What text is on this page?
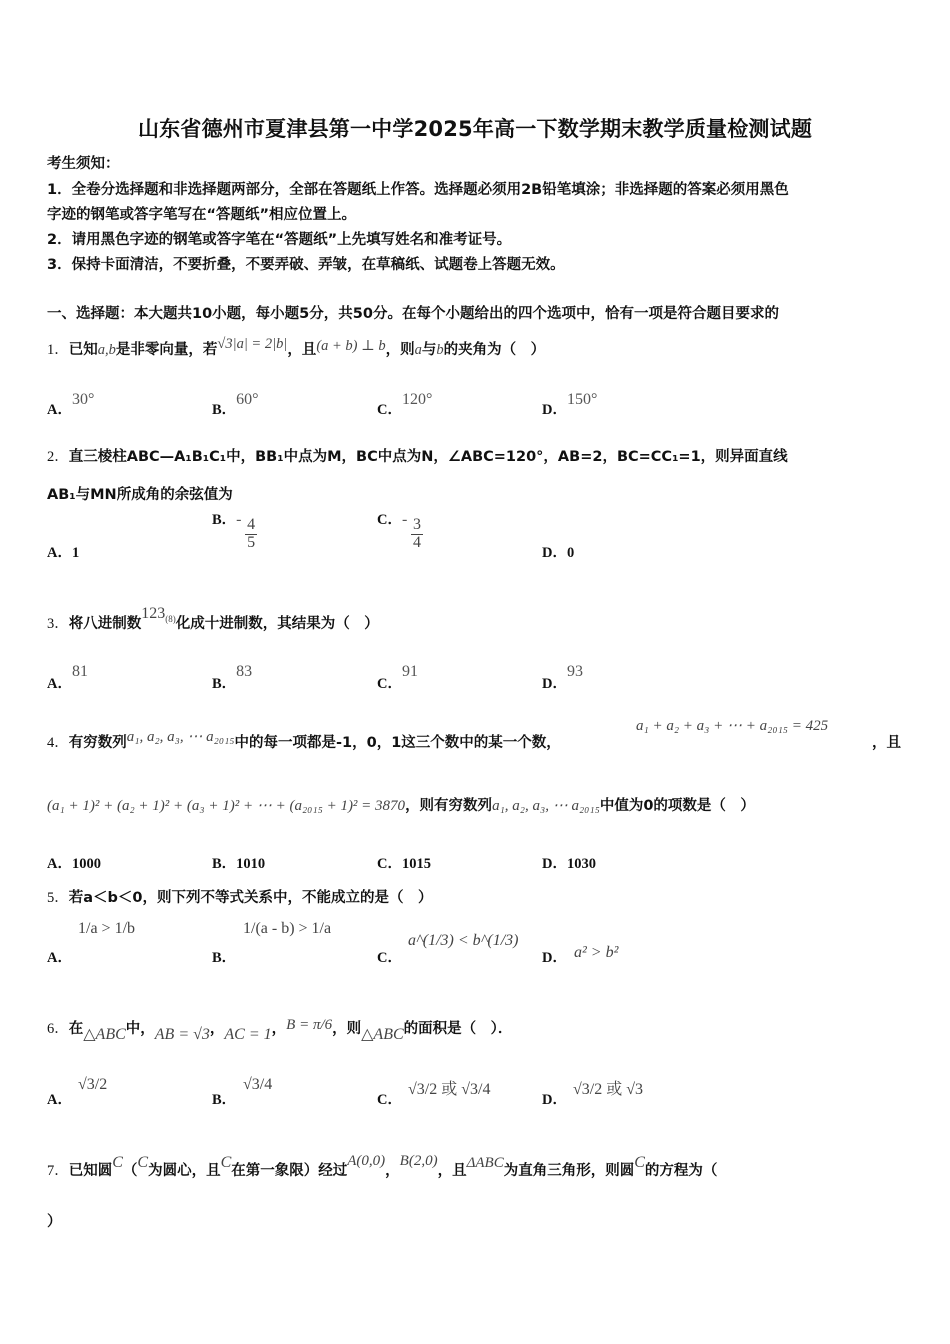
山东省德州市夏津县第一中学2025年高一下数学期末教学质量检测试题
考生须知：
1．全卷分选择题和非选择题两部分，全部在答题纸上作答。选择题必须用2B铅笔填涂；非选择题的答案必须用黑色
字迹的钢笔或答字笔写在“答题纸”相应位置上。
2．请用黑色字迹的钢笔或答字笔在“答题纸”上先填写姓名和准考证号。
3．保持卡面清洁，不要折叠，不要弄破、弄皱，在草稿纸、试题卷上答题无效。
一、选择题：本大题共10小题，每小题5分，共50分。在每个小题给出的四个选项中，恰有一项是符合题目要求的
1．已知a,b是非零向量，若√3|a| = 2|b|，且(a + b) ⊥ b，则a与b的夹角为（　）
A．30°
B．60°
C．120°
D．150°
2．直三棱柱ABC—A₁B₁C₁中，BB₁中点为M，BC中点为N，∠ABC=120°，AB=2，BC=CC₁=1，则异面直线
AB₁与MN所成角的余弦值为
A．1
B．- $\frac{4}{5}$	C．- $\frac{3}{4}$
D．0
3．将八进制数123$^{(8)}$化成十进制数，其结果为（　）
A．81
B．83
C．91
D．93
4．有穷数列a₁, a₂, a₃, ⋯ a₂₀₁₅中的每一项都是-1，0，1这三个数中的某一个数，
a₁ + a₂ + a₃ + ⋯ + a₂₀₁₅ = 425
，且
(a₁ + 1)² + (a₂ + 1)² + (a₃ + 1)² + ⋯ + (a₂₀₁₅ + 1)² = 3870，则有穷数列a₁, a₂, a₃, ⋯ a₂₀₁₅中值为0的项数是（　）
A．1000	B．1010	C．1015	D．1030
5．若a＜b＜0，则下列不等式关系中，不能成立的是（　）
A．
1/a > 1/b
B．
1/(a - b) > 1/a
C．
a^(1/3) < b^(1/3)
D． a² > b²
6．在△ABC中，AB = √3，AC = 1，B = π/6，则△ABC的面积是（　）．
A．
√3/2
B．
√3/4
C．
√3/2 或 √3/4
D．
√3/2 或 √3
7．已知圆C（C为圆心，且C在第一象限）经过A(0,0)，B(2,0)，且ΔABC为直角三角形，则圆C的方程为（
）
